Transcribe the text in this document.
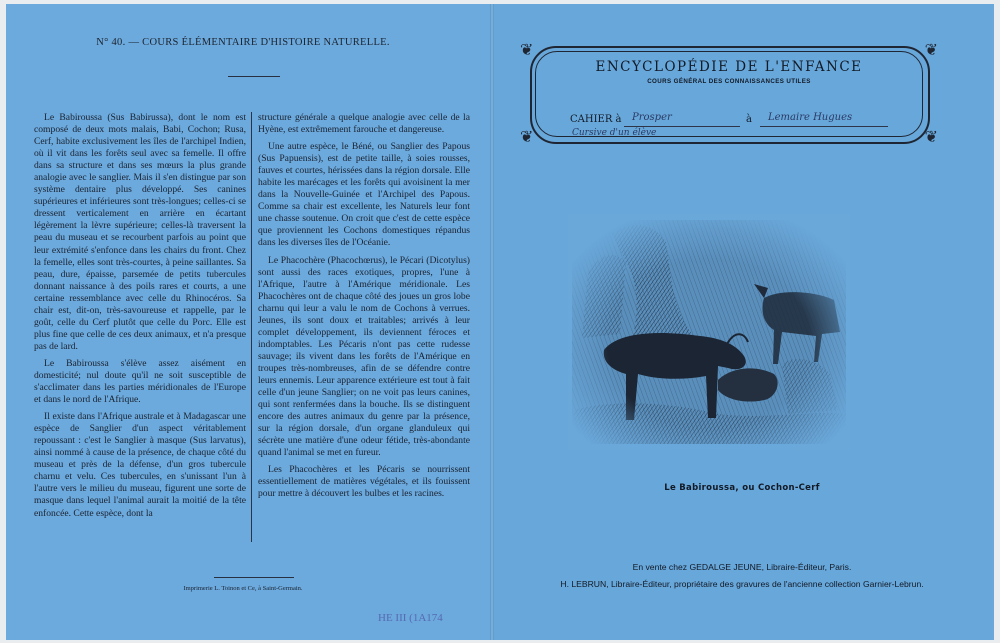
N° 40. — COURS ÉLÉMENTAIRE D'HISTOIRE NATURELLE.

Le Babiroussa (Sus Babirussa), dont le nom est composé de deux mots malais, Babi, Cochon; Rusa, Cerf, habite exclusivement les îles de l'archipel Indien, où il vit dans les forêts seul avec sa femelle. Il offre dans sa structure et dans ses mœurs la plus grande analogie avec le sanglier. Mais il s'en distingue par son système dentaire plus développé. Ses canines supérieures et inférieures sont très-longues; celles-ci se dressent verticalement en arrière en écartant légèrement la lèvre supérieure; celles-là traversent la peau du museau et se recourbent parfois au point que leur extrémité s'enfonce dans les chairs du front. Chez la femelle, elles sont très-courtes, à peine saillantes. Sa peau, dure, épaisse, parsemée de petits tubercules donnant naissance à des poils rares et courts, a une certaine ressemblance avec celle du Rhinocéros. Sa chair est, dit-on, très-savoureuse et rappelle, par le goût, celle du Cerf plutôt que celle du Porc. Elle est plus fine que celle de ces deux animaux, et n'a presque pas de lard.

Le Babiroussa s'élève assez aisément en domesticité; nul doute qu'il ne soit susceptible de s'acclimater dans les parties méridionales de l'Europe et dans le nord de l'Afrique.

Il existe dans l'Afrique australe et à Madagascar une espèce de Sanglier d'un aspect véritablement repoussant : c'est le Sanglier à masque (Sus larvatus), ainsi nommé à cause de la présence, de chaque côté du museau et près de la défense, d'un gros tubercule charnu et velu. Ces tubercules, en s'unissant l'un à l'autre vers le milieu du museau, figurent une sorte de masque dans lequel l'animal aurait la moitié de la tête enfoncée. Cette espèce, dont la

structure générale a quelque analogie avec celle de la Hyène, est extrêmement farouche et dangereuse.

Une autre espèce, le Béné, ou Sanglier des Papous (Sus Papuensis), est de petite taille, à soies rousses, fauves et courtes, hérissées dans la région dorsale. Elle habite les marécages et les forêts qui avoisinent la mer dans la Nouvelle-Guinée et l'Archipel des Papous. Comme sa chair est excellente, les Naturels leur font une chasse soutenue. On croit que c'est de cette espèce que proviennent les Cochons domestiques répandus dans les diverses îles de l'Océanie.

Le Phacochère (Phacochœrus), le Pécari (Dicotylus) sont aussi des races exotiques, propres, l'une à l'Afrique, l'autre à l'Amérique méridionale. Les Phacochères ont de chaque côté des joues un gros lobe charnu qui leur a valu le nom de Cochons à verrues. Jeunes, ils sont doux et traitables; arrivés à leur complet développement, ils deviennent féroces et indomptables. Les Pécaris n'ont pas cette rudesse sauvage; ils vivent dans les forêts de l'Amérique en troupes très-nombreuses, afin de se défendre contre leurs ennemis. Leur apparence extérieure est tout à fait celle d'un jeune Sanglier; on ne voit pas leurs canines, qui sont renfermées dans la bouche. Ils se distinguent encore des autres animaux du genre par la présence, sur la région dorsale, d'un organe glanduleux qui sécrète une matière d'une odeur fétide, très-abondante quand l'animal se met en fureur.

Les Phacochères et les Pécaris se nourrissent essentiellement de matières végétales, et ils fouissent pour mettre à découvert les bulbes et les racines.

Imprimerie L. Toinon et Ce, à Saint-Germain.
HE III (1A174
❦	❦
❦	❦
ENCYCLOPÉDIE DE L'ENFANCE
COURS GÉNÉRAL DES CONNAISSANCES UTILES
CAHIER à Prosper	à Lemaire Hugues
Cursive d'un élève
Le Babiroussa, ou Cochon-Cerf
En vente chez GEDALGE JEUNE, Libraire-Éditeur, Paris.
H. LEBRUN, Libraire-Éditeur, propriétaire des gravures de l'ancienne collection Garnier-Lebrun.
